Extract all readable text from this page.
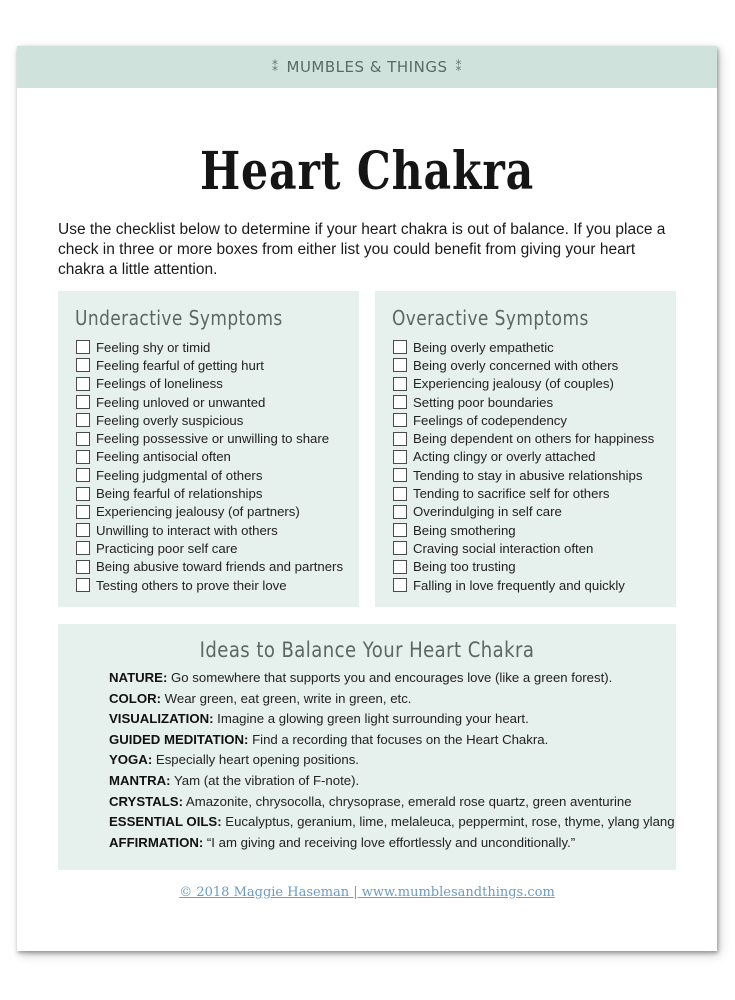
⁑ MUMBLES & THINGS ⁑
Heart Chakra
Use the checklist below to determine if your heart chakra is out of balance. If you place a check in three or more boxes from either list you could benefit from giving your heart chakra a little attention.
Underactive Symptoms
Feeling shy or timid
Feeling fearful of getting hurt
Feelings of loneliness
Feeling unloved or unwanted
Feeling overly suspicious
Feeling possessive or unwilling to share
Feeling antisocial often
Feeling judgmental of others
Being fearful of relationships
Experiencing jealousy (of partners)
Unwilling to interact with others
Practicing poor self care
Being abusive toward friends and partners
Testing others to prove their love
Overactive Symptoms
Being overly empathetic
Being overly concerned with others
Experiencing jealousy (of couples)
Setting poor boundaries
Feelings of codependency
Being dependent on others for happiness
Acting clingy or overly attached
Tending to stay in abusive relationships
Tending to sacrifice self for others
Overindulging in self care
Being smothering
Craving social interaction often
Being too trusting
Falling in love frequently and quickly
Ideas to Balance Your Heart Chakra
NATURE: Go somewhere that supports you and encourages love (like a green forest).
COLOR: Wear green, eat green, write in green, etc.
VISUALIZATION: Imagine a glowing green light surrounding your heart.
GUIDED MEDITATION: Find a recording that focuses on the Heart Chakra.
YOGA: Especially heart opening positions.
MANTRA: Yam (at the vibration of F-note).
CRYSTALS: Amazonite, chrysocolla, chrysoprase, emerald rose quartz, green aventurine
ESSENTIAL OILS: Eucalyptus, geranium, lime, melaleuca, peppermint, rose, thyme, ylang ylang
AFFIRMATION: “I am giving and receiving love effortlessly and unconditionally.”
© 2018 Maggie Haseman | www.mumblesandthings.com
